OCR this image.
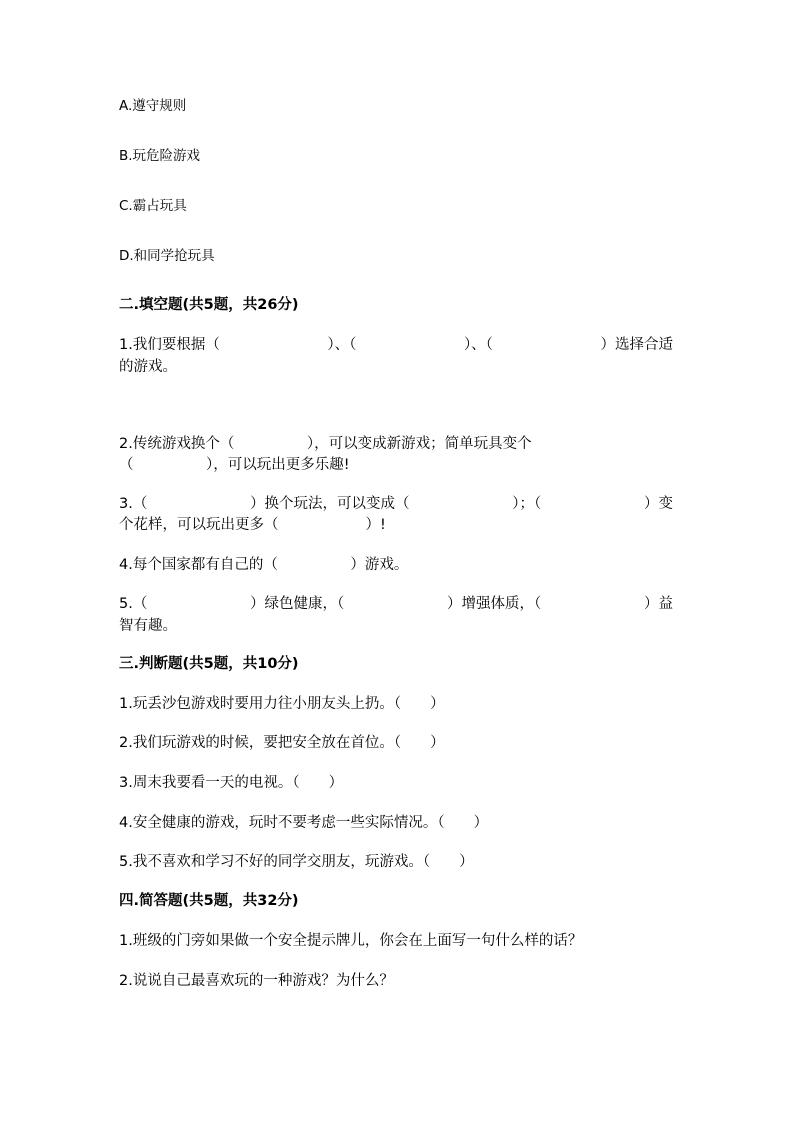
A.遵守规则

B.玩危险游戏

C.霸占玩具

D.和同学抢玩具

二.填空题(共5题，共26分)

1.我们要根据（	）、（	）、（	）选择合适

的游戏。

2.传统游戏换个（　　　　　），可以变成新游戏；简单玩具变个

（　　　　　），可以玩出更多乐趣!

3.（	）换个玩法，可以变成（	）；（	）变

个花样，可以玩出更多（　　　　　　）!

4.每个国家都有自己的（　　　　　）游戏。

5.（	）绿色健康，（	）增强体质，（	）益

智有趣。

三.判断题(共5题，共10分)

1.玩丢沙包游戏时要用力往小朋友头上扔。（　　）

2.我们玩游戏的时候，要把安全放在首位。（　　）

3.周末我要看一天的电视。（　　）

4.安全健康的游戏，玩时不要考虑一些实际情况。（　　）

5.我不喜欢和学习不好的同学交朋友，玩游戏。（　　）

四.简答题(共5题，共32分)

1.班级的门旁如果做一个安全提示牌儿，你会在上面写一句什么样的话？

2.说说自己最喜欢玩的一种游戏？为什么？
